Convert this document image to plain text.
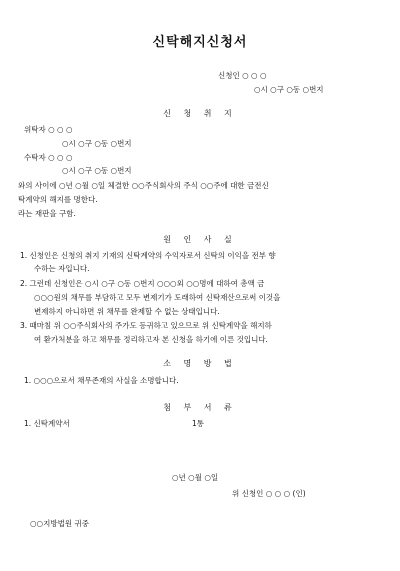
신탁해지신청서
신청인 ○ ○ ○
○시 ○구 ○동 ○번지
신 청 취 지
위탁자 ○ ○ ○
○시 ○구 ○동 ○번지
수탁자 ○ ○ ○
○시 ○구 ○동 ○번지
와의 사이에 ○년 ○월 ○일 체결한 ○○주식회사의 주식 ○○주에 대한 금전신
탁계약의 해지를 명한다.
라는 재판을 구함.
원 인 사 실
1. 신청인은 신청의 취지 기재의 신탁계약의 수익자로서 신탁의 이익을 전부 향
수하는 자입니다.
2. 그런데 신청인은 ○시 ○구 ○동 ○번지 ○○○외 ○○명에 대하여 총액 금
○○○원의 채무를 부담하고 모두 변제기가 도래하여 신탁재산으로써 이것을
변제하지 아니하면 위 채무를 완제할 수 없는 상태입니다.
3. 때마침 위 ○○주식회사의 주가도 등귀하고 있으므로 위 신탁계약을 해지하
여 환가처분을 하고 채무를 정리하고자 본 신청을 하기에 이른 것입니다.
소 명 방 법
1. ○○○으로서 채무존재의 사실을 소명합니다.
첨 부 서 류
1. 신탁계약서	1통
○년 ○월 ○일
위 신청인 ○ ○ ○ (인)
○○지방법원 귀중
